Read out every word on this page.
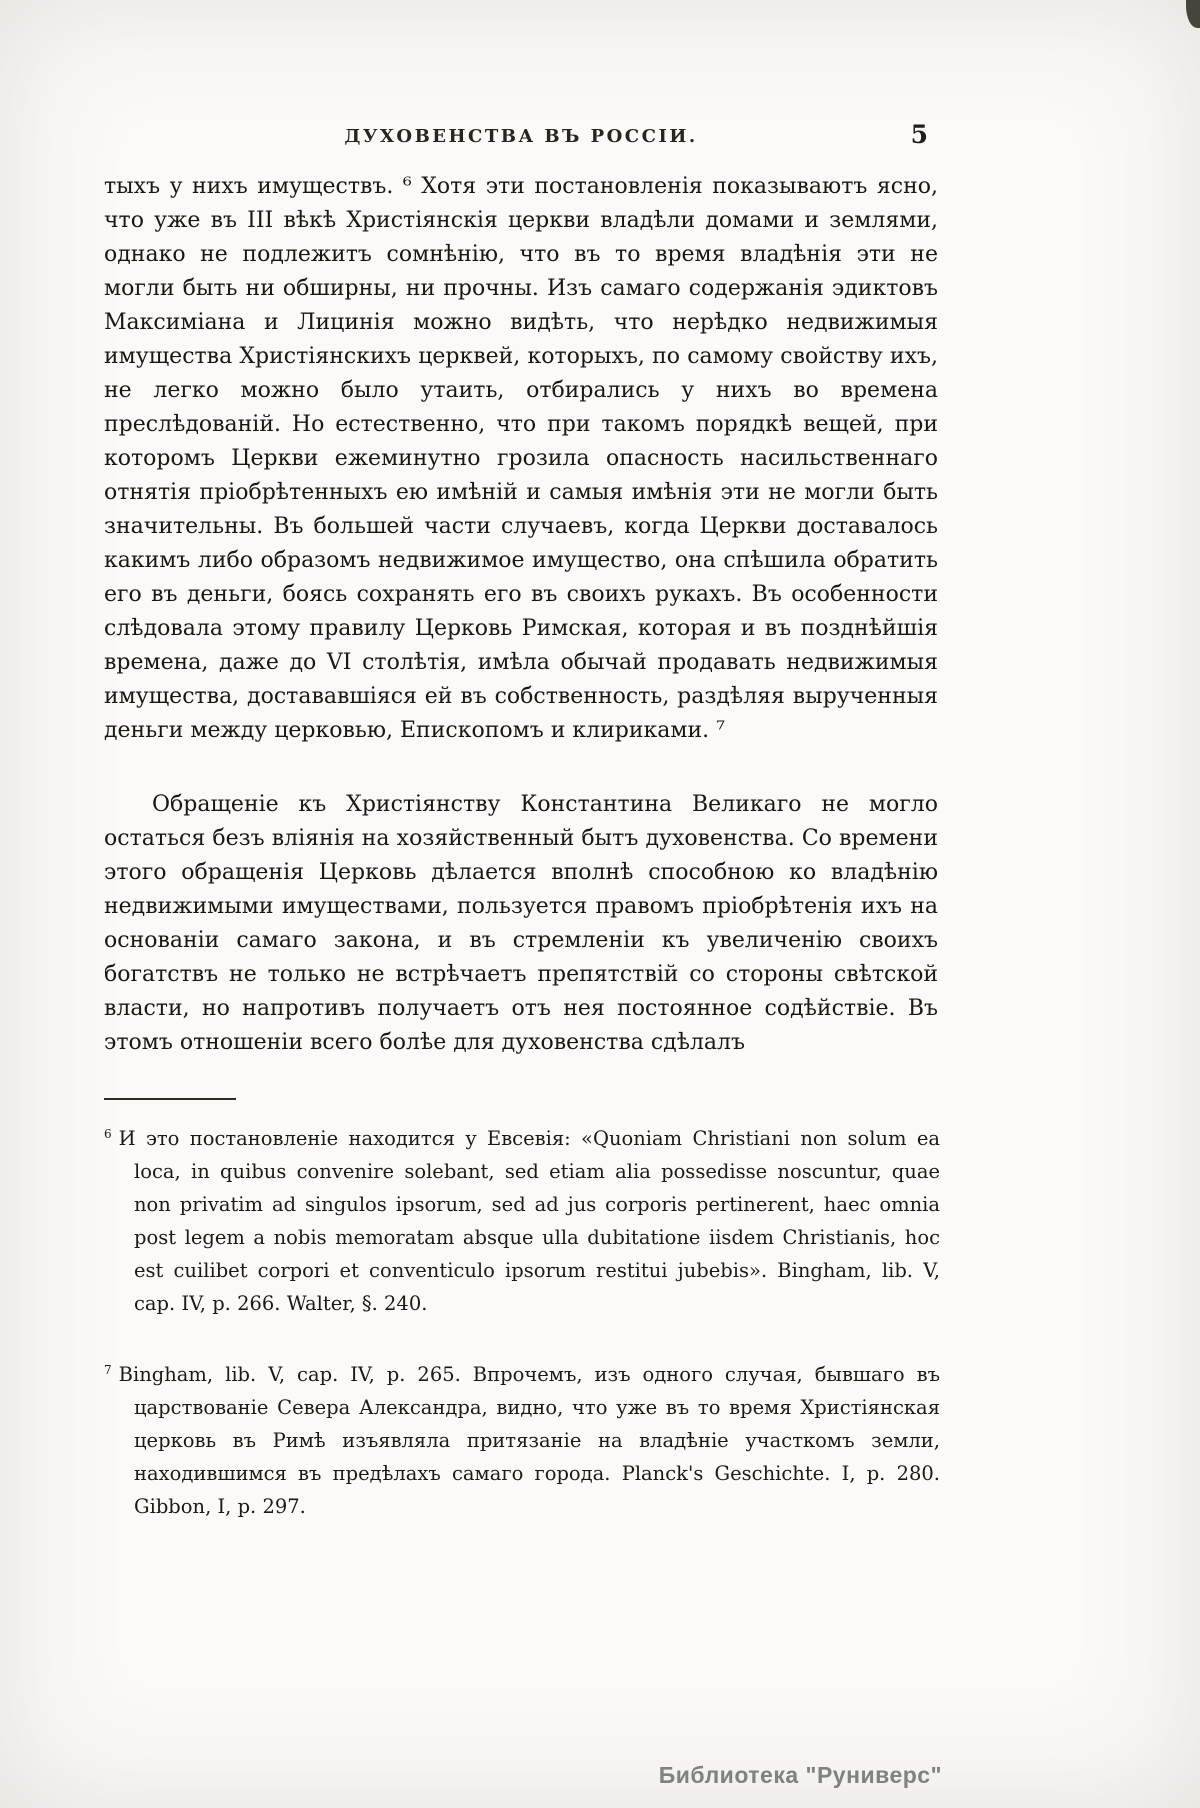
ДУХОВЕНСТВА ВЪ РОССІИ.	5

тыхъ у нихъ имуществъ. ⁶ Хотя эти постановленія показываютъ ясно, что уже въ III вѣкѣ Христіянскія церкви владѣли домами и землями, однако не подлежитъ сомнѣнію, что въ то время владѣнія эти не могли быть ни обширны, ни прочны. Изъ самаго содержанія эдиктовъ Максиміана и Лицинія можно видѣть, что нерѣдко недвижимыя имущества Христіянскихъ церквей, которыхъ, по самому свойству ихъ, не легко можно было утаить, отбирались у нихъ во времена преслѣдованій. Но естественно, что при такомъ порядкѣ вещей, при которомъ Церкви ежеминутно грозила опасность насильственнаго отнятія пріобрѣтенныхъ ею имѣній и самыя имѣнія эти не могли быть значительны. Въ большей части случаевъ, когда Церкви доставалось какимъ либо образомъ недвижимое имущество, она спѣшила обратить его въ деньги, боясь сохранять его въ своихъ рукахъ. Въ особенности слѣдовала этому правилу Церковь Римская, которая и въ позднѣйшія времена, даже до VI столѣтія, имѣла обычай продавать недвижимыя имущества, достававшіяся ей въ собственность, раздѣляя вырученныя деньги между церковью, Епископомъ и клириками. ⁷

Обращеніе къ Христіянству Константина Великаго не могло остаться безъ вліянія на хозяйственный бытъ духовенства. Со времени этого обращенія Церковь дѣлается вполнѣ способною ко владѣнію недвижимыми имуществами, пользуется правомъ пріобрѣтенія ихъ на основаніи самаго закона, и въ стремленіи къ увеличенію своихъ богатствъ не только не встрѣчаетъ препятствій со стороны свѣтской власти, но напротивъ получаетъ отъ нея постоянное содѣйствіе. Въ этомъ отношеніи всего болѣе для духовенства сдѣлалъ

$^6$ И это постановленіе находится у Евсевія: «Quoniam Christiani non solum ea loca, in quibus convenire solebant, sed etiam alia possedisse noscuntur, quae non privatim ad singulos ipsorum, sed ad jus corporis pertinerent, haec omnia post legem a nobis memoratam absque ulla dubitatione iisdem Christianis, hoc est cuilibet corpori et conventiculo ipsorum restitui jubebis». Bingham, lib. V, cap. IV, p. 266. Walter, §. 240.

$^7$ Bingham, lib. V, cap. IV, p. 265. Впрочемъ, изъ одного случая, бывшаго въ царствованіе Севера Александра, видно, что уже въ то время Христіянская церковь въ Римѣ изъявляла притязаніе на владѣніе участкомъ земли, находившимся въ предѣлахъ самаго города. Planck's Geschichte. I, p. 280. Gibbon, I, p. 297.

Библиотека "Руниверс"
